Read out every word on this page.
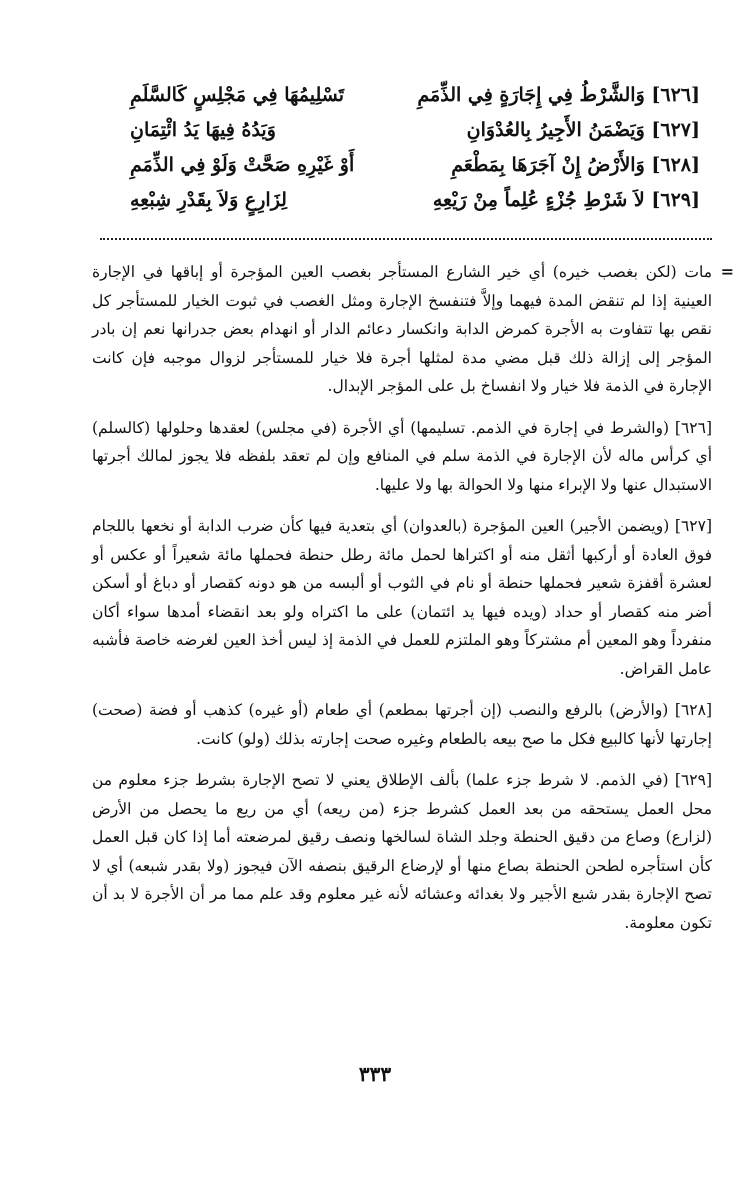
[٦٢٦] وَالشَّرْطُ فِي إِجَارَةٍ فِي الذِّمَمِ
تَسْلِيمُهَا فِي مَجْلِسٍ كَالسَّلَمِ
[٦٢٧] وَيَضْمَنُ الأَجِيرُ بِالعُدْوَانِ
وَيَدُهُ فِيهَا يَدُ ائْتِمَانِ
[٦٢٨] وَالأَرْضُ إِنْ آجَرَهَا بِمَطْعَمِ
أَوْ غَيْرِهِ صَحَّتْ وَلَوْ فِي الذِّمَمِ
[٦٢٩] لاَ شَرْطِ جُزْءٍ عُلِماً مِنْ رَيْعِهِ
لِزَارِعٍ وَلاَ بِقَدْرِ شِبْعِهِ

=
مات (لكن بغصب خيره) أي خير الشارع المستأجر بغصب العين المؤجرة أو إباقها في الإجارة العينية إذا لم تنقض المدة فيهما وإلاَّ فتنفسخ الإجارة ومثل الغصب في ثبوت الخيار للمستأجر كل نقص بها تتفاوت به الأجرة كمرض الدابة وانكسار دعائم الدار أو انهدام بعض جدرانها نعم إن بادر المؤجر إلى إزالة ذلك قبل مضي مدة لمثلها أجرة فلا خيار للمستأجر لزوال موجبه فإن كانت الإجارة في الذمة فلا خيار ولا انفساخ بل على المؤجر الإبدال.

[٦٢٦] (والشرط في إجارة في الذمم. تسليمها) أي الأجرة (في مجلس) لعقدها وحلولها (كالسلم) أي كرأس ماله لأن الإجارة في الذمة سلم في المنافع وإن لم تعقد بلفظه فلا يجوز لمالك أجرتها الاستبدال عنها ولا الإبراء منها ولا الحوالة بها ولا عليها.

[٦٢٧] (ويضمن الأجير) العين المؤجرة (بالعدوان) أي بتعدية فيها كأن ضرب الدابة أو نخعها باللجام فوق العادة أو أركبها أثقل منه أو اكتراها لحمل مائة رطل حنطة فحملها مائة شعيراً أو عكس أو لعشرة أقفزة شعير فحملها حنطة أو نام في الثوب أو ألبسه من هو دونه كقصار أو دباغ أو أسكن أضر منه كقصار أو حداد (ويده فيها يد ائتمان) على ما اكتراه ولو بعد انقضاء أمدها سواء أكان منفرداً وهو المعين أم مشتركاً وهو الملتزم للعمل في الذمة إذ ليس أخذ العين لغرضه خاصة فأشبه عامل القراض.

[٦٢٨] (والأرض) بالرفع والنصب (إن أجرتها بمطعم) أي طعام (أو غيره) كذهب أو فضة (صحت) إجارتها لأنها كالبيع فكل ما صح بيعه بالطعام وغيره صحت إجارته بذلك (ولو) كانت.

[٦٢٩] (في الذمم. لا شرط جزء علما) بألف الإطلاق يعني لا تصح الإجارة بشرط جزء معلوم من محل العمل يستحقه من بعد العمل كشرط جزء (من ريعه) أي من ريع ما يحصل من الأرض (لزارع) وصاع من دقيق الحنطة وجلد الشاة لسالخها ونصف رقيق لمرضعته أما إذا كان قبل العمل كأن استأجره لطحن الحنطة بصاع منها أو لإرضاع الرقيق بنصفه الآن فيجوز (ولا بقدر شبعه) أي لا تصح الإجارة بقدر شبع الأجير ولا بغدائه وعشائه لأنه غير معلوم وقد علم مما مر أن الأجرة لا بد أن تكون معلومة.

٣٣٣
